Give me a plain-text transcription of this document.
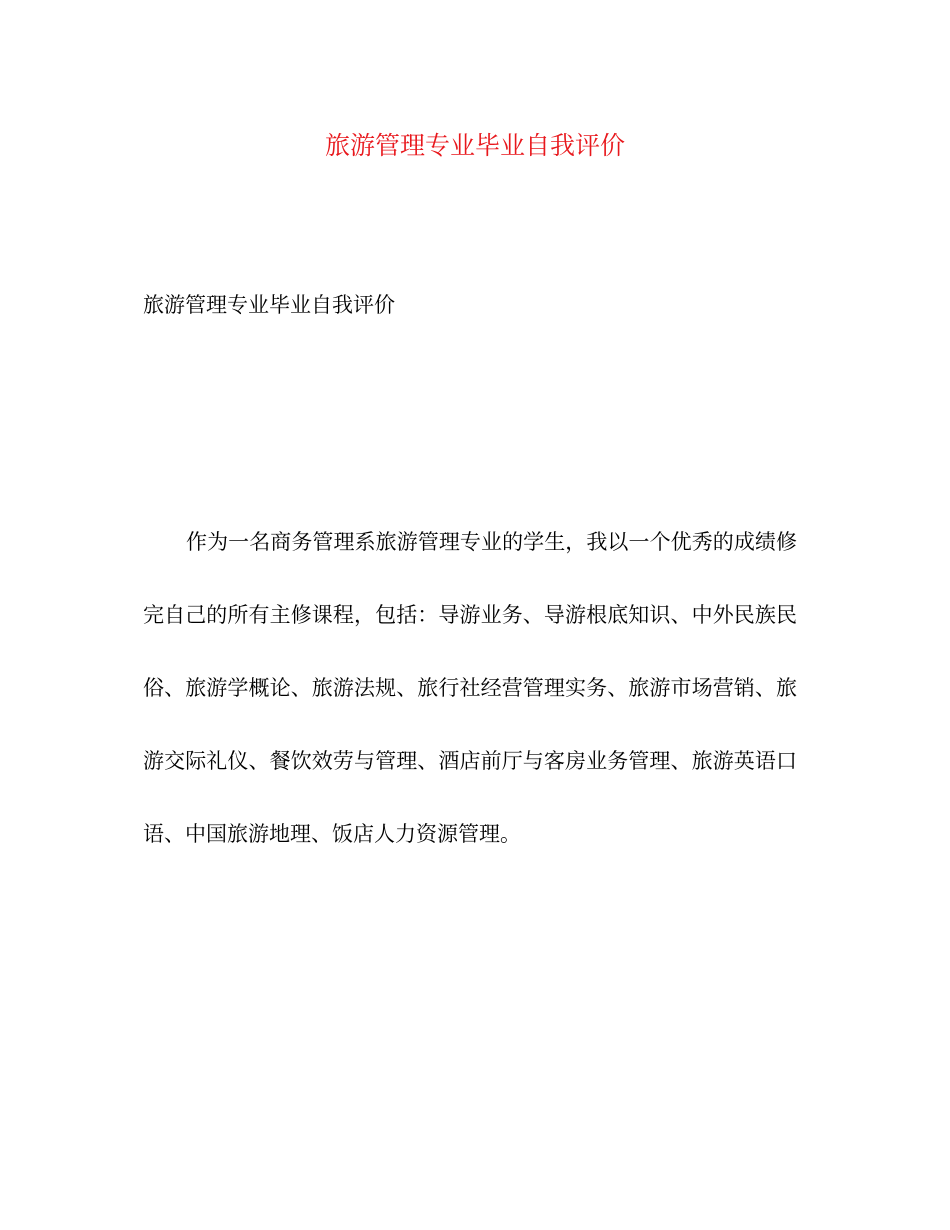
旅游管理专业毕业自我评价
旅游管理专业毕业自我评价

作为一名商务管理系旅游管理专业的学生，我以一个优秀的成绩修完自己的所有主修课程，包括：导游业务、导游根底知识、中外民族民俗、旅游学概论、旅游法规、旅行社经营管理实务、旅游市场营销、旅游交际礼仪、餐饮效劳与管理、酒店前厅与客房业务管理、旅游英语口语、中国旅游地理、饭店人力资源管理。
